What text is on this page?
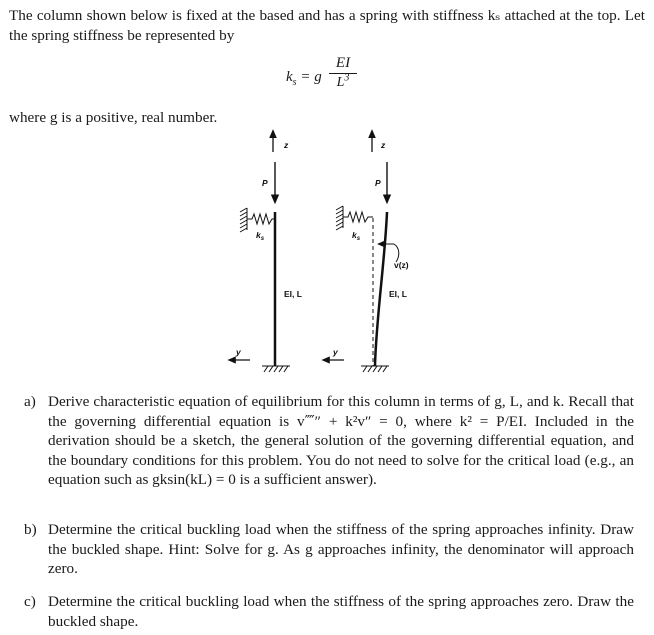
The column shown below is fixed at the based and has a spring with stiffness kₛ attached at the top. Let the spring stiffness be represented by
$k_s = g$
EI
$L^3$
where g is a positive, real number.
z
P
$k_s$
EI, L
y
z
P
$k_s$
v(z)
EI, L
y
a) Derive characteristic equation of equilibrium for this column in terms of g, L, and k. Recall that the governing differential equation is v⁗″ + k²v″ = 0, where k² = P/EI. Included in the derivation should be a sketch, the general solution of the governing differential equation, and the boundary conditions for this problem. You do not need to solve for the critical load (e.g., an equation such as gksin(kL) = 0 is a sufficient answer).
b) Determine the critical buckling load when the stiffness of the spring approaches infinity. Draw the buckled shape. Hint: Solve for g. As g approaches infinity, the denominator will approach zero.
c) Determine the critical buckling load when the stiffness of the spring approaches zero. Draw the buckled shape.
